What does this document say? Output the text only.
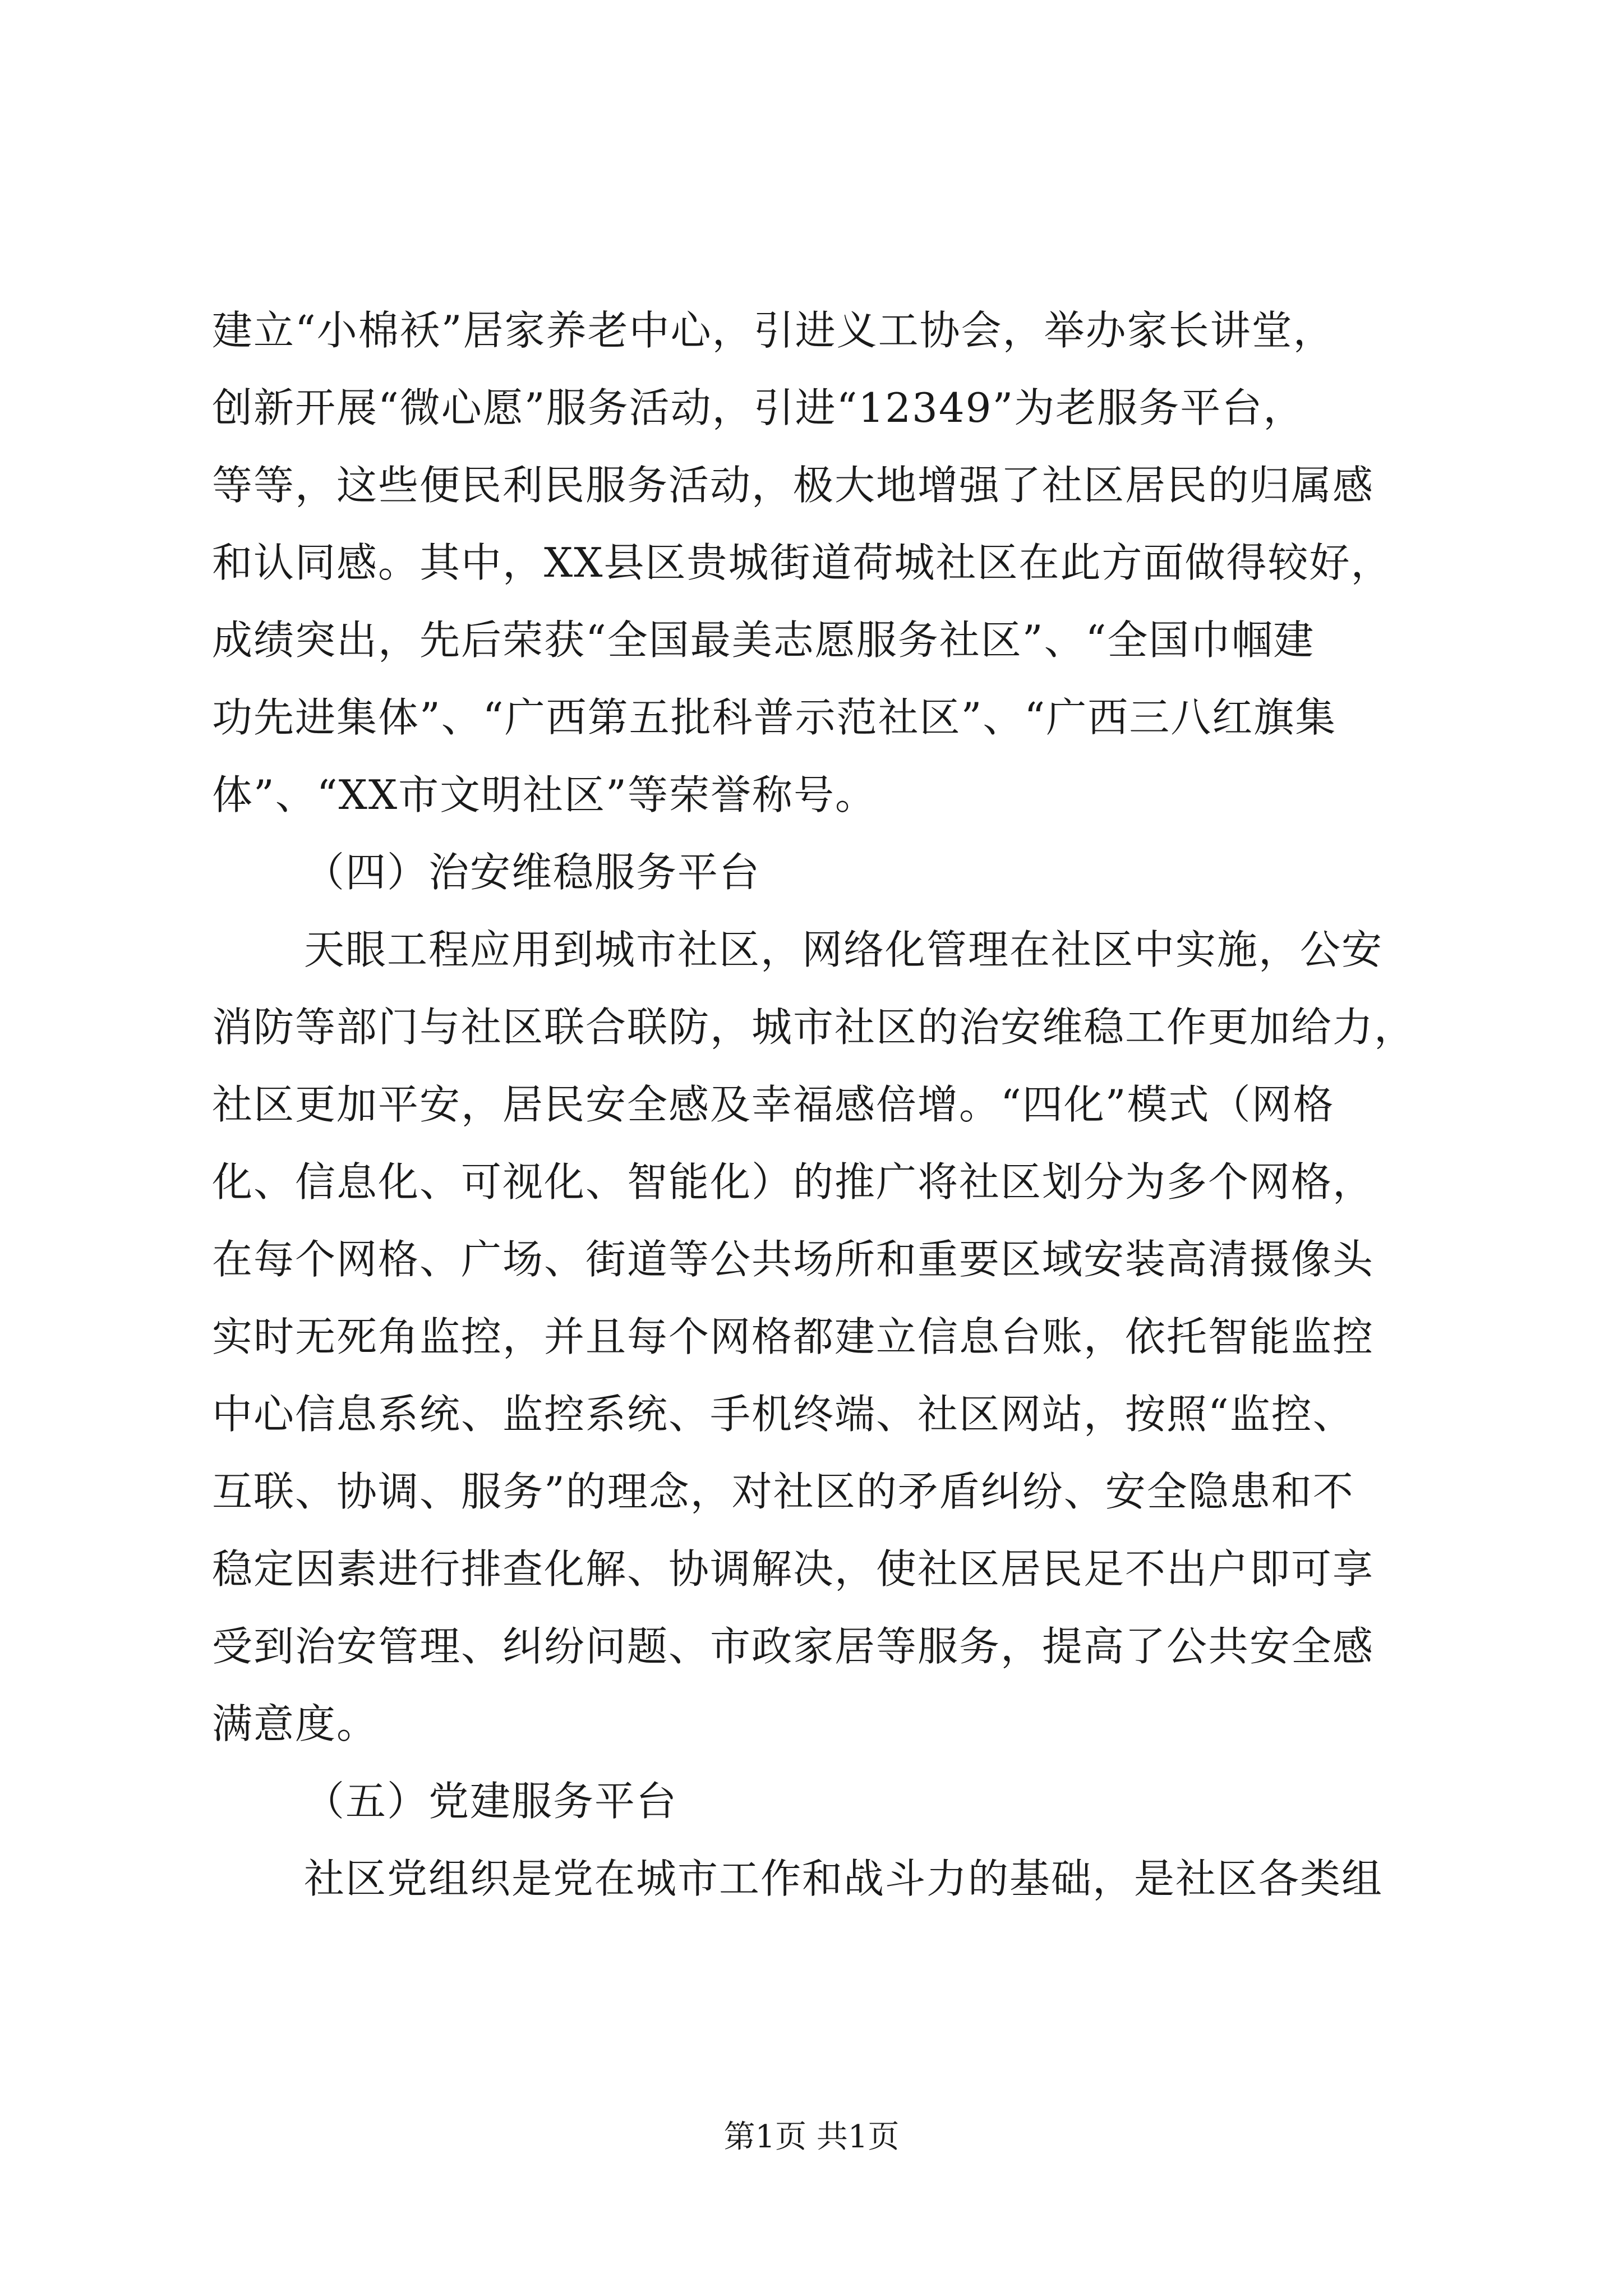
建立“小棉袄”居家养老中心，引进义工协会，举办家长讲堂，
创新开展“微心愿”服务活动，引进“12349”为老服务平台，
等等，这些便民利民服务活动，极大地增强了社区居民的归属感
和认同感。其中，XX县区贵城街道荷城社区在此方面做得较好，
成绩突出，先后荣获“全国最美志愿服务社区”、“全国巾帼建
功先进集体”、“广西第五批科普示范社区”、“广西三八红旗集
体”、“XX市文明社区”等荣誉称号。
（四）治安维稳服务平台
天眼工程应用到城市社区，网络化管理在社区中实施，公安
消防等部门与社区联合联防，城市社区的治安维稳工作更加给力，
社区更加平安，居民安全感及幸福感倍增。“四化”模式（网格
化、信息化、可视化、智能化）的推广将社区划分为多个网格，
在每个网格、广场、街道等公共场所和重要区域安装高清摄像头
实时无死角监控，并且每个网格都建立信息台账，依托智能监控
中心信息系统、监控系统、手机终端、社区网站，按照“监控、
互联、协调、服务”的理念，对社区的矛盾纠纷、安全隐患和不
稳定因素进行排查化解、协调解决，使社区居民足不出户即可享
受到治安管理、纠纷问题、市政家居等服务，提高了公共安全感
满意度。
（五）党建服务平台
社区党组织是党在城市工作和战斗力的基础，是社区各类组
第1页 共1页
